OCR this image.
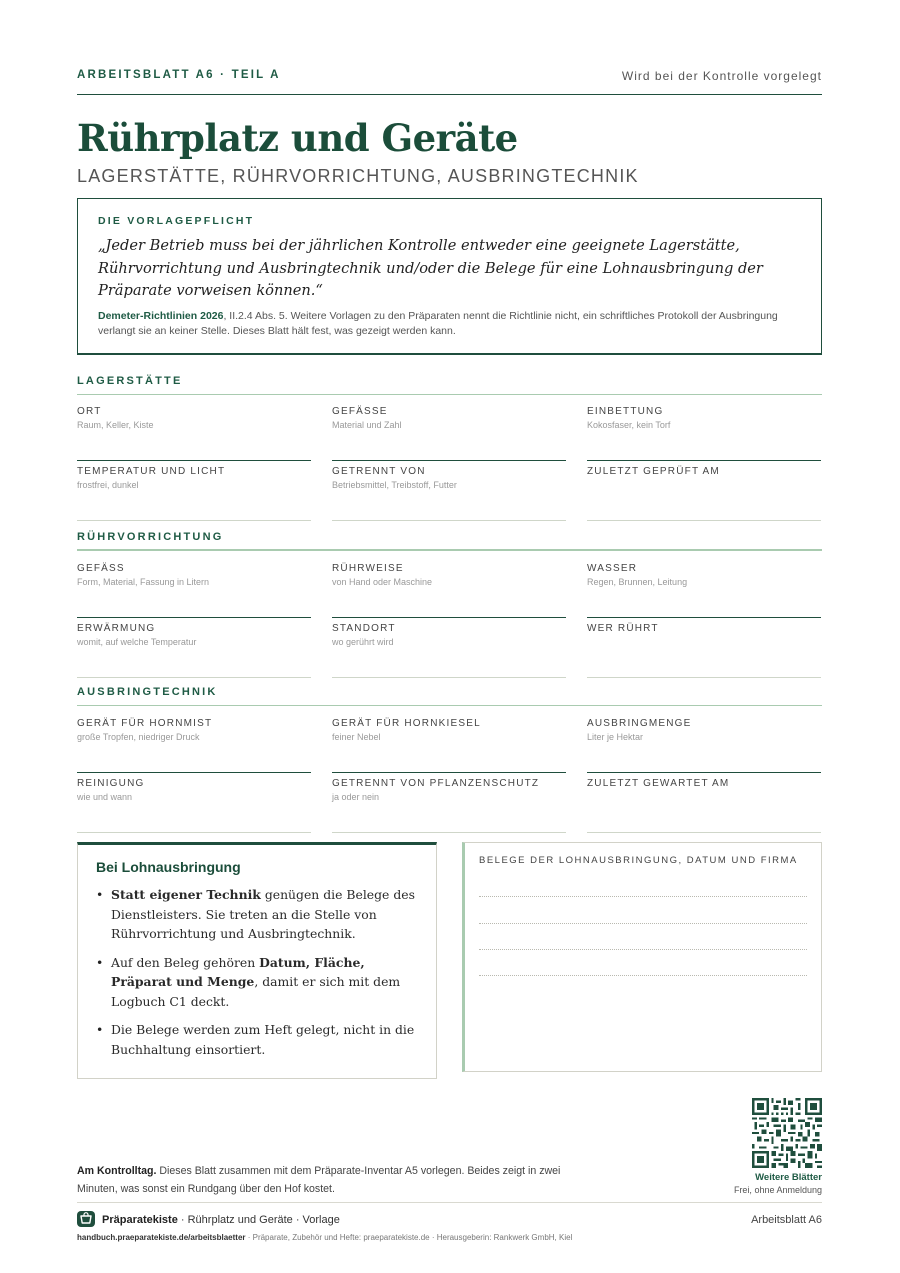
ARBEITSBLATT A6 · TEIL A	Wird bei der Kontrolle vorgelegt
Rührplatz und Geräte
LAGERSTÄTTE, RÜHRVORRICHTUNG, AUSBRINGTECHNIK
DIE VORLAGEPFLICHT
„Jeder Betrieb muss bei der jährlichen Kontrolle entweder eine geeignete Lagerstätte, Rührvorrichtung und Ausbringtechnik und/oder die Belege für eine Lohnausbringung der Präparate vorweisen können.“
Demeter-Richtlinien 2026, II.2.4 Abs. 5. Weitere Vorlagen zu den Präparaten nennt die Richtlinie nicht, ein schriftliches Protokoll der Ausbringung verlangt sie an keiner Stelle. Dieses Blatt hält fest, was gezeigt werden kann.
LAGERSTÄTTE
ORT
Raum, Keller, Kiste
GEFÄSSE
Material und Zahl
EINBETTUNG
Kokosfaser, kein Torf
TEMPERATUR UND LICHT
frostfrei, dunkel
GETRENNT VON
Betriebsmittel, Treibstoff, Futter
ZULETZT GEPRÜFT AM
RÜHRVORRICHTUNG
GEFÄSS
Form, Material, Fassung in Litern
RÜHRWEISE
von Hand oder Maschine
WASSER
Regen, Brunnen, Leitung
ERWÄRMUNG
womit, auf welche Temperatur
STANDORT
wo gerührt wird
WER RÜHRT
AUSBRINGTECHNIK
GERÄT FÜR HORNMIST
große Tropfen, niedriger Druck
GERÄT FÜR HORNKIESEL
feiner Nebel
AUSBRINGMENGE
Liter je Hektar
REINIGUNG
wie und wann
GETRENNT VON PFLANZENSCHUTZ
ja oder nein
ZULETZT GEWARTET AM
Bei Lohnausbringung
• Statt eigener Technik genügen die Belege des Dienstleisters. Sie treten an die Stelle von Rührvorrichtung und Ausbringtechnik.
• Auf den Beleg gehören Datum, Fläche, Präparat und Menge, damit er sich mit dem Logbuch C1 deckt.
• Die Belege werden zum Heft gelegt, nicht in die Buchhaltung einsortiert.
BELEGE DER LOHNAUSBRINGUNG, DATUM UND FIRMA
Weitere Blätter
Frei, ohne Anmeldung
Am Kontrolltag. Dieses Blatt zusammen mit dem Präparate-Inventar A5 vorlegen. Beides zeigt in zwei Minuten, was sonst ein Rundgang über den Hof kostet.
Präparatekiste · Rührplatz und Geräte · Vorlage	Arbeitsblatt A6
handbuch.praeparatekiste.de/arbeitsblaetter · Präparate, Zubehör und Hefte: praeparatekiste.de · Herausgeberin: Rankwerk GmbH, Kiel
